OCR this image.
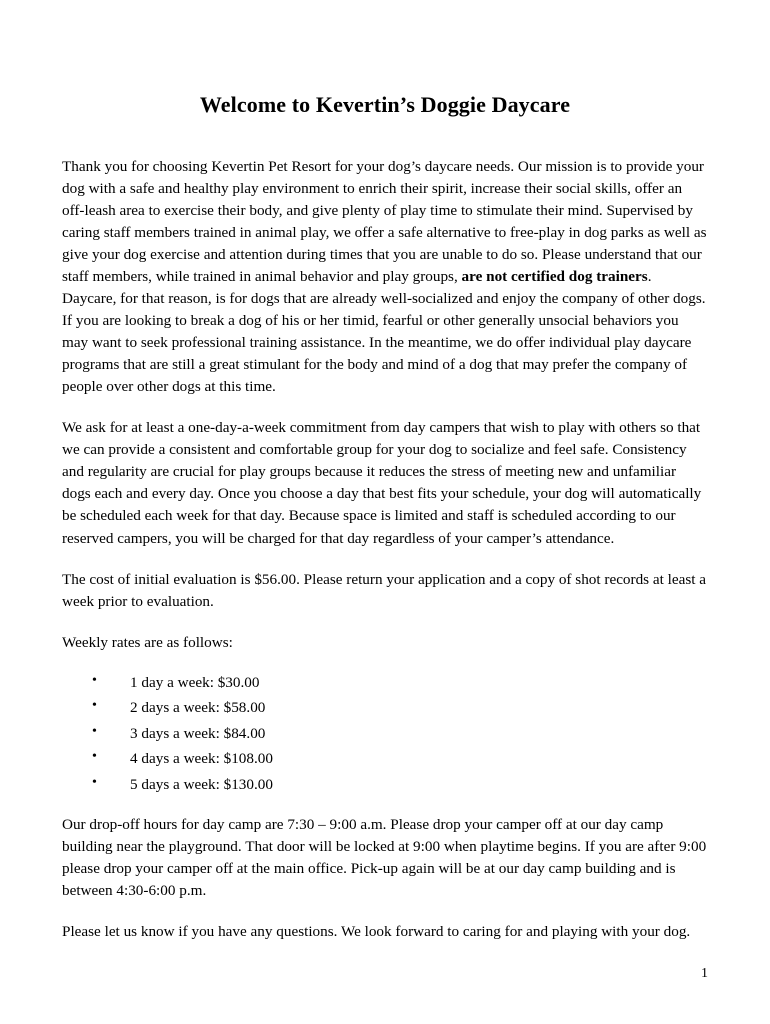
Welcome to Kevertin’s Doggie Daycare

Thank you for choosing Kevertin Pet Resort for your dog’s daycare needs. Our mission is to provide your dog with a safe and healthy play environment to enrich their spirit, increase their social skills, offer an off-leash area to exercise their body, and give plenty of play time to stimulate their mind. Supervised by caring staff members trained in animal play, we offer a safe alternative to free-play in dog parks as well as give your dog exercise and attention during times that you are unable to do so. Please understand that our staff members, while trained in animal behavior and play groups, are not certified dog trainers. Daycare, for that reason, is for dogs that are already well-socialized and enjoy the company of other dogs. If you are looking to break a dog of his or her timid, fearful or other generally unsocial behaviors you may want to seek professional training assistance. In the meantime, we do offer individual play daycare programs that are still a great stimulant for the body and mind of a dog that may prefer the company of people over other dogs at this time.

We ask for at least a one-day-a-week commitment from day campers that wish to play with others so that we can provide a consistent and comfortable group for your dog to socialize and feel safe. Consistency and regularity are crucial for play groups because it reduces the stress of meeting new and unfamiliar dogs each and every day. Once you choose a day that best fits your schedule, your dog will automatically be scheduled each week for that day. Because space is limited and staff is scheduled according to our reserved campers, you will be charged for that day regardless of your camper’s attendance.

The cost of initial evaluation is $56.00. Please return your application and a copy of shot records at least a week prior to evaluation.

Weekly rates are as follows:

• 1 day a week: $30.00
• 2 days a week: $58.00
• 3 days a week: $84.00
• 4 days a week: $108.00
• 5 days a week: $130.00

Our drop-off hours for day camp are 7:30 – 9:00 a.m. Please drop your camper off at our day camp building near the playground. That door will be locked at 9:00 when playtime begins. If you are after 9:00 please drop your camper off at the main office. Pick-up again will be at our day camp building and is between 4:30-6:00 p.m.

Please let us know if you have any questions. We look forward to caring for and playing with your dog.

1
